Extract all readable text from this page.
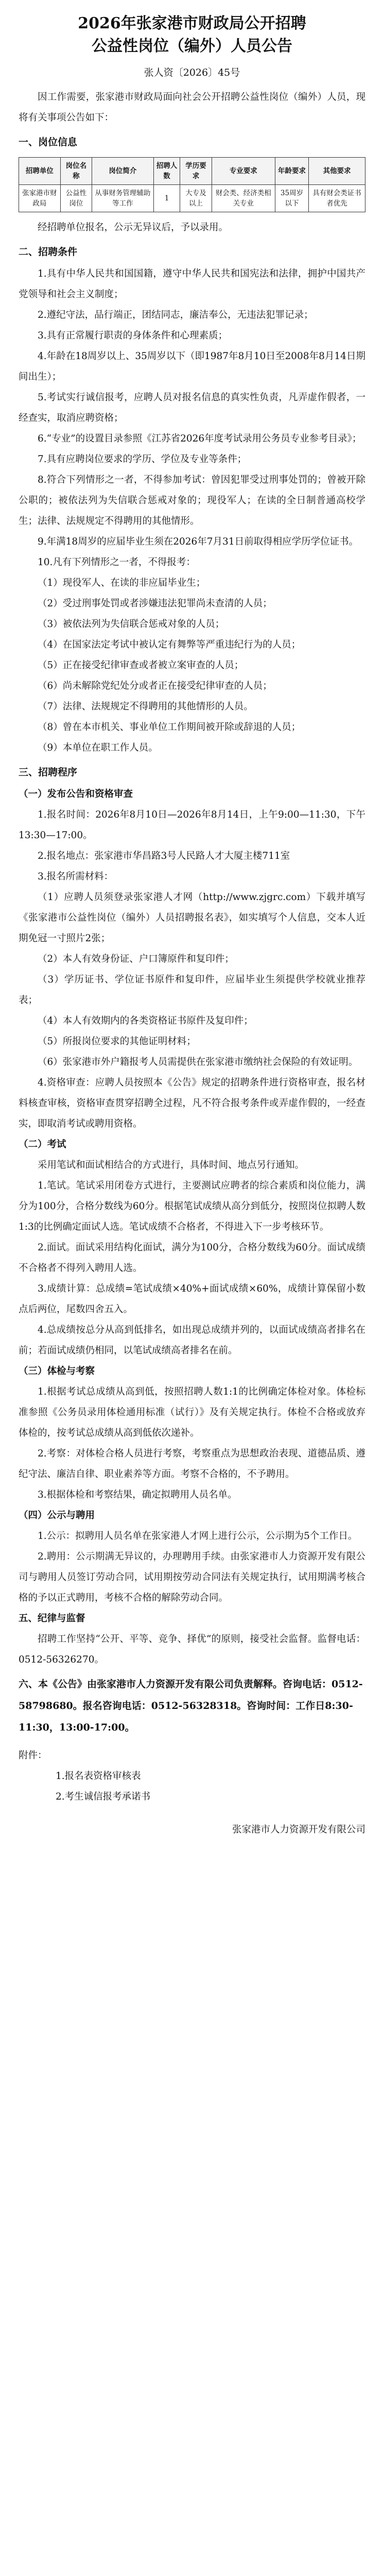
2026年张家港市财政局公开招聘
公益性岗位（编外）人员公告
张人资〔2026〕45号

因工作需要，张家港市财政局面向社会公开招聘公益性岗位（编外）人员，现将有关事项公告如下：

一、岗位信息
招聘单位	岗位名称	岗位简介	招聘人数	学历要求	专业要求	年龄要求	其他要求
张家港市财政局	公益性岗位	从事财务管理辅助等工作	1	大专及以上	财会类、经济类相关专业	35周岁以下	具有财会类证书者优先

经招聘单位报名，公示无异议后，予以录用。

二、招聘条件

1.具有中华人民共和国国籍，遵守中华人民共和国宪法和法律，拥护中国共产党领导和社会主义制度；

2.遵纪守法，品行端正，团结同志，廉洁奉公，无违法犯罪记录；

3.具有正常履行职责的身体条件和心理素质；

4.年龄在18周岁以上、35周岁以下（即1987年8月10日至2008年8月14日期间出生）；

5.考试实行诚信报考，应聘人员对报名信息的真实性负责，凡弄虚作假者，一经查实，取消应聘资格；

6.“专业”的设置目录参照《江苏省2026年度考试录用公务员专业参考目录》；

7.具有应聘岗位要求的学历、学位及专业等条件；

8.符合下列情形之一者，不得参加考试：曾因犯罪受过刑事处罚的；曾被开除公职的；被依法列为失信联合惩戒对象的；现役军人；在读的全日制普通高校学生；法律、法规规定不得聘用的其他情形。

9.年满18周岁的应届毕业生须在2026年7月31日前取得相应学历学位证书。

10.凡有下列情形之一者，不得报考：

（1）现役军人、在读的非应届毕业生；

（2）受过刑事处罚或者涉嫌违法犯罪尚未查清的人员；

（3）被依法列为失信联合惩戒对象的人员；

（4）在国家法定考试中被认定有舞弊等严重违纪行为的人员；

（5）正在接受纪律审查或者被立案审查的人员；

（6）尚未解除党纪处分或者正在接受纪律审查的人员；

（7）法律、法规规定不得聘用的其他情形的人员。

（8）曾在本市机关、事业单位工作期间被开除或辞退的人员；

（9）本单位在职工作人员。

三、招聘程序
（一）发布公告和资格审查

1.报名时间：2026年8月10日—2026年8月14日，上午9:00—11:30，下午13:30—17:00。

2.报名地点：张家港市华昌路3号人民路人才大厦主楼711室

3.报名所需材料：

（1）应聘人员须登录张家港人才网（http://www.zjgrc.com）下载并填写《张家港市公益性岗位（编外）人员招聘报名表》，如实填写个人信息，交本人近期免冠一寸照片2张；

（2）本人有效身份证、户口簿原件和复印件；

（3）学历证书、学位证书原件和复印件，应届毕业生须提供学校就业推荐表；

（4）本人有效期内的各类资格证书原件及复印件；

（5）所报岗位要求的其他证明材料；

（6）张家港市外户籍报考人员需提供在张家港市缴纳社会保险的有效证明。

4.资格审查：应聘人员按照本《公告》规定的招聘条件进行资格审查，报名材料核查审核，资格审查贯穿招聘全过程，凡不符合报考条件或弄虚作假的，一经查实，即取消考试或聘用资格。

（二）考试

采用笔试和面试相结合的方式进行，具体时间、地点另行通知。

1.笔试。笔试采用闭卷方式进行，主要测试应聘者的综合素质和岗位能力，满分为100分，合格分数线为60分。根据笔试成绩从高分到低分，按照岗位拟聘人数1:3的比例确定面试人选。笔试成绩不合格者，不得进入下一步考核环节。

2.面试。面试采用结构化面试，满分为100分，合格分数线为60分。面试成绩不合格者不得列入聘用人选。

3.成绩计算：总成绩=笔试成绩×40%+面试成绩×60%，成绩计算保留小数点后两位，尾数四舍五入。

4.总成绩按总分从高到低排名，如出现总成绩并列的，以面试成绩高者排名在前；若面试成绩仍相同，以笔试成绩高者排名在前。

（三）体检与考察

1.根据考试总成绩从高到低，按照招聘人数1:1的比例确定体检对象。体检标准参照《公务员录用体检通用标准（试行）》及有关规定执行。体检不合格或放弃体检的，按考试总成绩从高到低依次递补。

2.考察：对体检合格人员进行考察，考察重点为思想政治表现、道德品质、遵纪守法、廉洁自律、职业素养等方面。考察不合格的，不予聘用。

3.根据体检和考察结果，确定拟聘用人员名单。

（四）公示与聘用

1.公示：拟聘用人员名单在张家港人才网上进行公示，公示期为5个工作日。

2.聘用：公示期满无异议的，办理聘用手续。由张家港市人力资源开发有限公司与聘用人员签订劳动合同，试用期按劳动合同法有关规定执行，试用期满考核合格的予以正式聘用，考核不合格的解除劳动合同。

五、纪律与监督

招聘工作坚持“公开、平等、竞争、择优”的原则，接受社会监督。监督电话：0512-56326270。

六、本《公告》由张家港市人力资源开发有限公司负责解释。咨询电话：0512-58798680。报名咨询电话：0512-56328318。咨询时间：工作日8:30-11:30，13:00-17:00。
附件：
1.报名表资格审核表
2.考生诚信报考承诺书
张家港市人力资源开发有限公司
